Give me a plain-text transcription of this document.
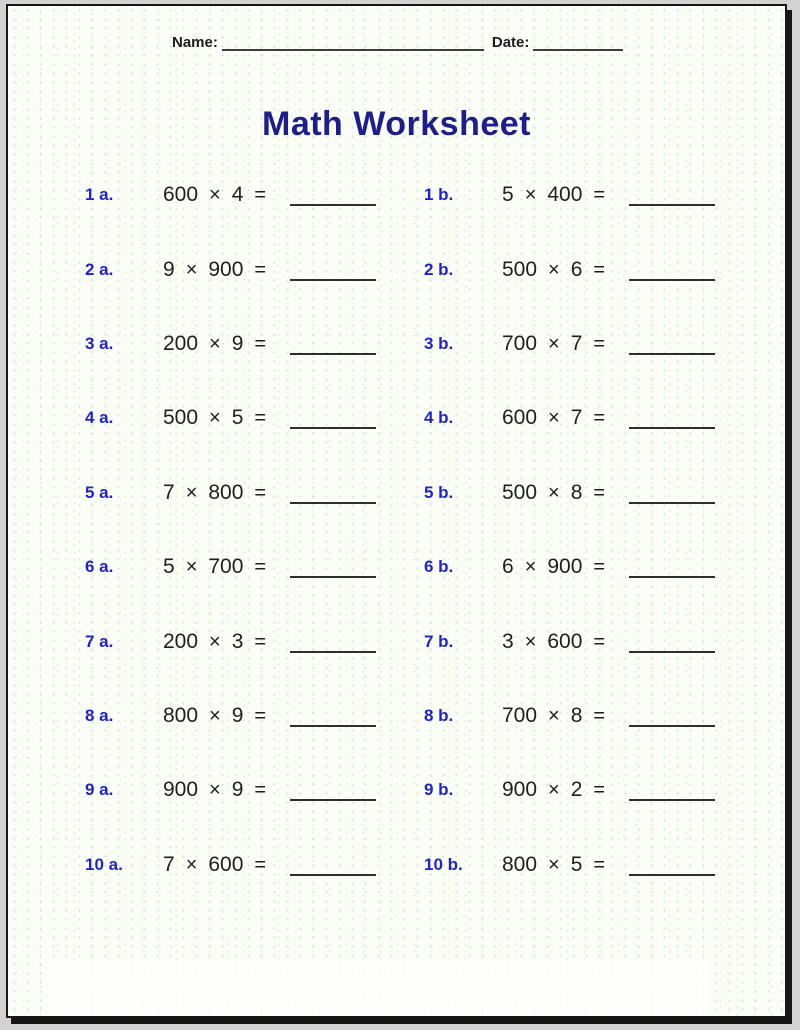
Name:	Date:
Math Worksheet
1 a.	600 × 4 =	1 b.	5 × 400 =
2 a.	9 × 900 =	2 b.	500 × 6 =
3 a.	200 × 9 =	3 b.	700 × 7 =
4 a.	500 × 5 =	4 b.	600 × 7 =
5 a.	7 × 800 =	5 b.	500 × 8 =
6 a.	5 × 700 =	6 b.	6 × 900 =
7 a.	200 × 3 =	7 b.	3 × 600 =
8 a.	800 × 9 =	8 b.	700 × 8 =
9 a.	900 × 9 =	9 b.	900 × 2 =
10 a.	7 × 600 =	10 b.	800 × 5 =
